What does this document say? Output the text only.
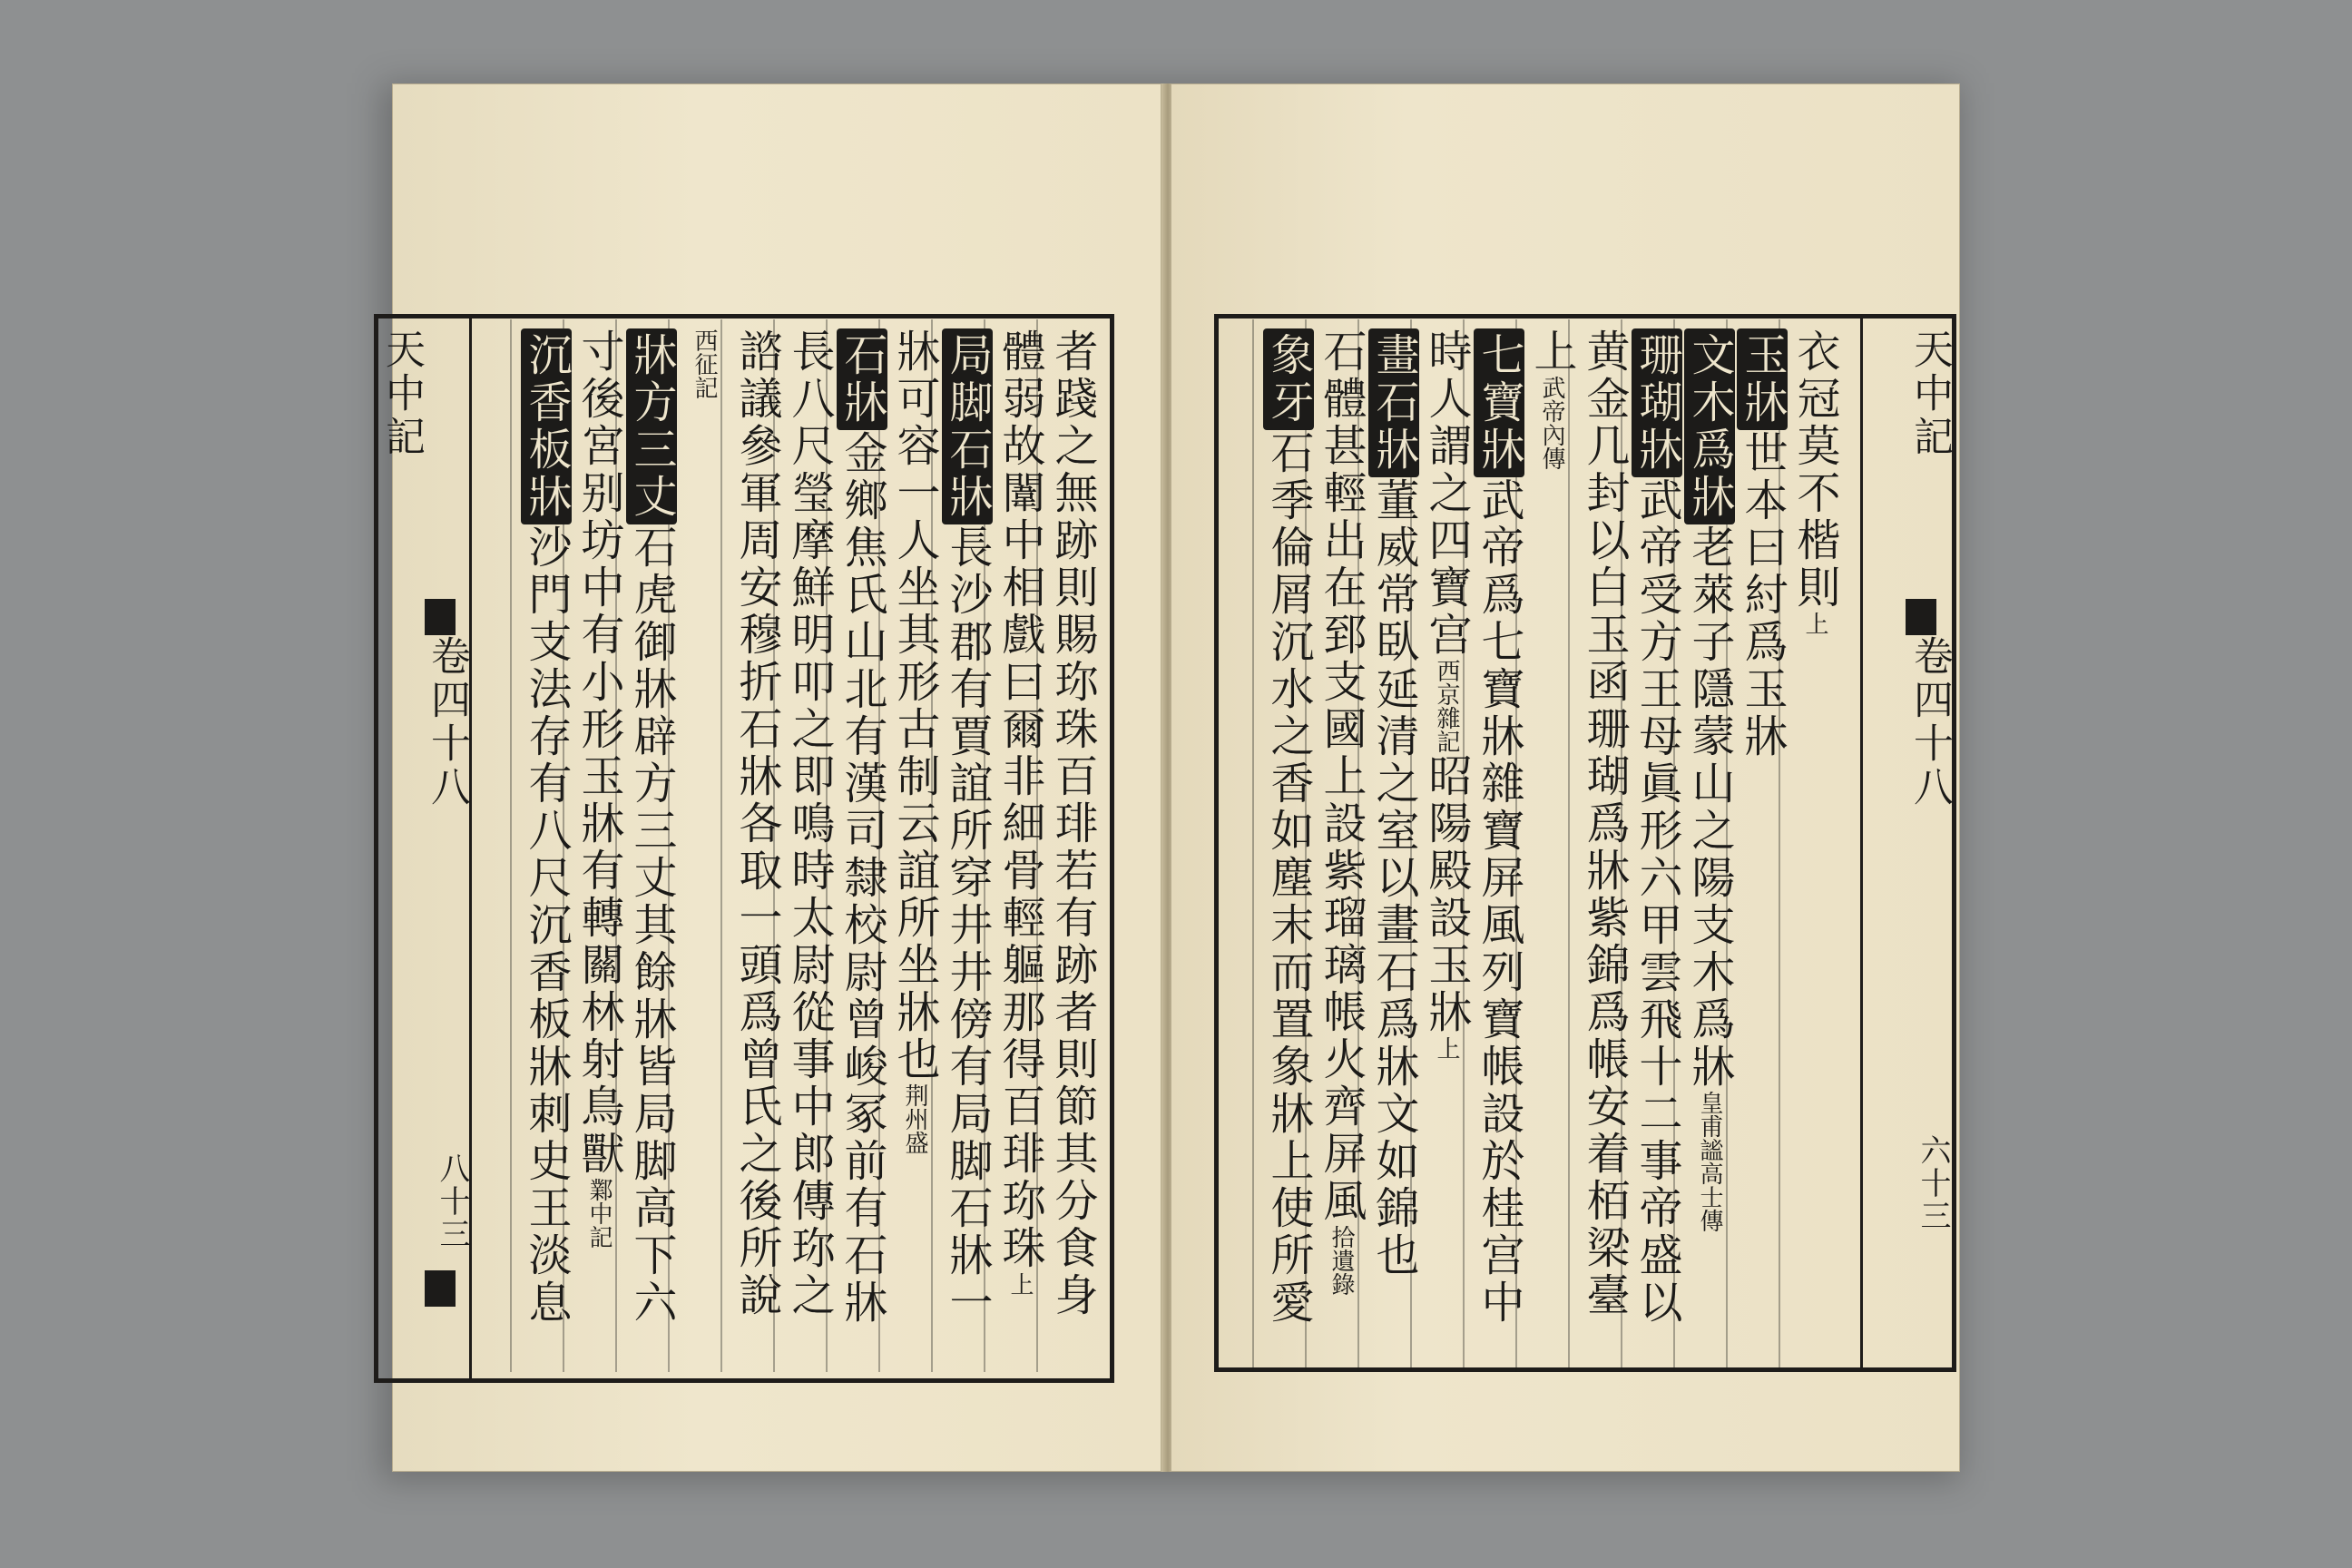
天中記
卷四十八
八十三	者踐之無跡則賜珎珠百琲若有跡者則節其分食身
體弱故闈中相戲曰爾非細骨輕軀那得百琲珎珠上
局脚石牀長沙郡有賈誼所穿井井傍有局脚石牀一
牀可容一人坐其形古制云誼所坐牀也荆州盛
石牀金鄉焦氏山北有漢司隸校尉曾峻冢前有石牀
長八尺瑩摩鮮明叩之即鳴時太尉從事中郎傳珎之
諮議參軍周安穆折石牀各取一頭爲曾氏之後所說
西征記
牀方三丈石虎御牀辟方三丈其餘牀皆局脚高下六
寸後宮别坊中有小形玉牀有轉關林射鳥獸鄴中記
沉香板牀沙門支法存有八尺沉香板牀刺史王淡息
天中記
卷四十八
六十三
衣冠莫不楷則上
玉牀世本曰紂爲玉牀
文木爲牀老萊子隱蒙山之陽支木爲牀皇甫謐高士傳
珊瑚牀武帝受方王母眞形六甲雲飛十二事帝盛以
黄金几封以白玉函珊瑚爲牀紫錦爲帳安着栢梁臺
上武帝內傳
七寶牀武帝爲七寶牀雜寶屏風列寶帳設於桂宫中
時人謂之四寶宫西京雜記昭陽殿設玉牀上
畫石牀董威常臥延清之室以畫石爲牀文如錦也
石體甚輕出在郅支國上設紫瑠璃帳火齊屏風拾遺錄
象牙石季倫屑沉水之香如塵末而置象牀上使所愛
